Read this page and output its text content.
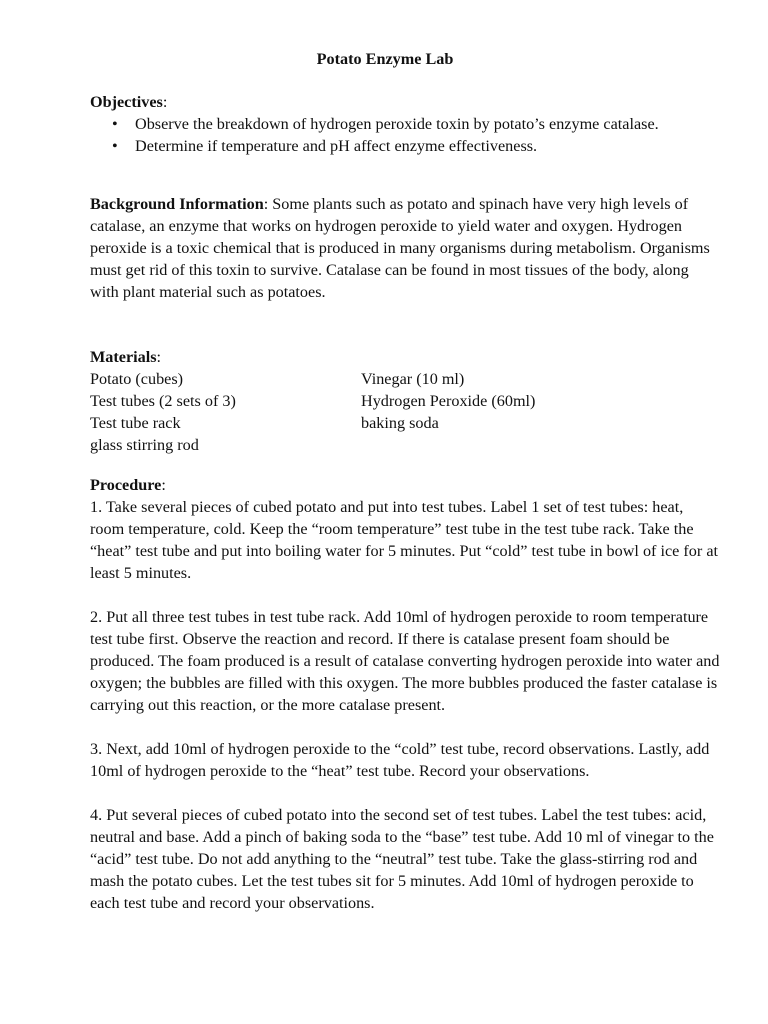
Potato Enzyme Lab
Objectives:
• Observe the breakdown of hydrogen peroxide toxin by potato’s enzyme catalase.
• Determine if temperature and pH affect enzyme effectiveness.

Background Information: Some plants such as potato and spinach have very high levels of catalase, an enzyme that works on hydrogen peroxide to yield water and oxygen. Hydrogen peroxide is a toxic chemical that is produced in many organisms during metabolism. Organisms must get rid of this toxin to survive. Catalase can be found in most tissues of the body, along with plant material such as potatoes.

Materials:
Potato (cubes)	Vinegar (10 ml)
Test tubes (2 sets of 3)	Hydrogen Peroxide (60ml)
Test tube rack	baking soda
glass stirring rod
Procedure:

1. Take several pieces of cubed potato and put into test tubes. Label 1 set of test tubes: heat, room temperature, cold. Keep the “room temperature” test tube in the test tube rack. Take the “heat” test tube and put into boiling water for 5 minutes. Put “cold” test tube in bowl of ice for at least 5 minutes.

2. Put all three test tubes in test tube rack. Add 10ml of hydrogen peroxide to room temperature test tube first. Observe the reaction and record. If there is catalase present foam should be produced. The foam produced is a result of catalase converting hydrogen peroxide into water and oxygen; the bubbles are filled with this oxygen. The more bubbles produced the faster catalase is carrying out this reaction, or the more catalase present.

3. Next, add 10ml of hydrogen peroxide to the “cold” test tube, record observations. Lastly, add 10ml of hydrogen peroxide to the “heat” test tube. Record your observations.

4. Put several pieces of cubed potato into the second set of test tubes. Label the test tubes: acid, neutral and base. Add a pinch of baking soda to the “base” test tube. Add 10 ml of vinegar to the “acid” test tube. Do not add anything to the “neutral” test tube. Take the glass-stirring rod and mash the potato cubes. Let the test tubes sit for 5 minutes. Add 10ml of hydrogen peroxide to each test tube and record your observations.
